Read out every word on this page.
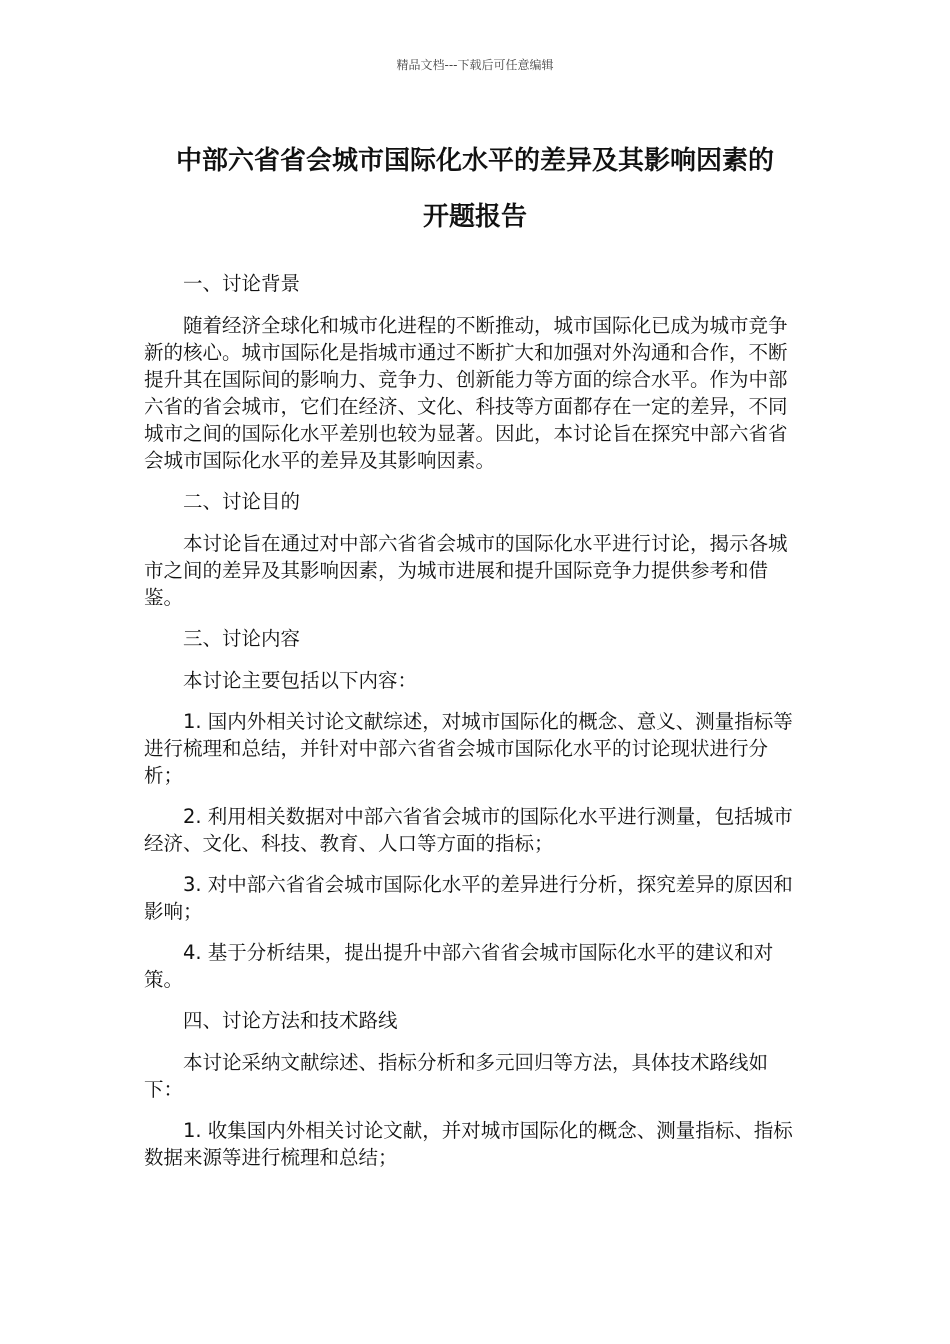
精品文档---下载后可任意编辑
中部六省省会城市国际化水平的差异及其影响因素的
开题报告

一、讨论背景

随着经济全球化和城市化进程的不断推动，城市国际化已成为城市竞争新的核心。城市国际化是指城市通过不断扩大和加强对外沟通和合作，不断提升其在国际间的影响力、竞争力、创新能力等方面的综合水平。作为中部六省的省会城市，它们在经济、文化、科技等方面都存在一定的差异，不同城市之间的国际化水平差别也较为显著。因此，本讨论旨在探究中部六省省会城市国际化水平的差异及其影响因素。

二、讨论目的

本讨论旨在通过对中部六省省会城市的国际化水平进行讨论，揭示各城市之间的差异及其影响因素，为城市进展和提升国际竞争力提供参考和借鉴。

三、讨论内容

本讨论主要包括以下内容：

1. 国内外相关讨论文献综述，对城市国际化的概念、意义、测量指标等进行梳理和总结，并针对中部六省省会城市国际化水平的讨论现状进行分析；

2. 利用相关数据对中部六省省会城市的国际化水平进行测量，包括城市经济、文化、科技、教育、人口等方面的指标；

3. 对中部六省省会城市国际化水平的差异进行分析，探究差异的原因和影响；

4. 基于分析结果，提出提升中部六省省会城市国际化水平的建议和对策。

四、讨论方法和技术路线

本讨论采纳文献综述、指标分析和多元回归等方法，具体技术路线如下：

1. 收集国内外相关讨论文献，并对城市国际化的概念、测量指标、指标数据来源等进行梳理和总结；
